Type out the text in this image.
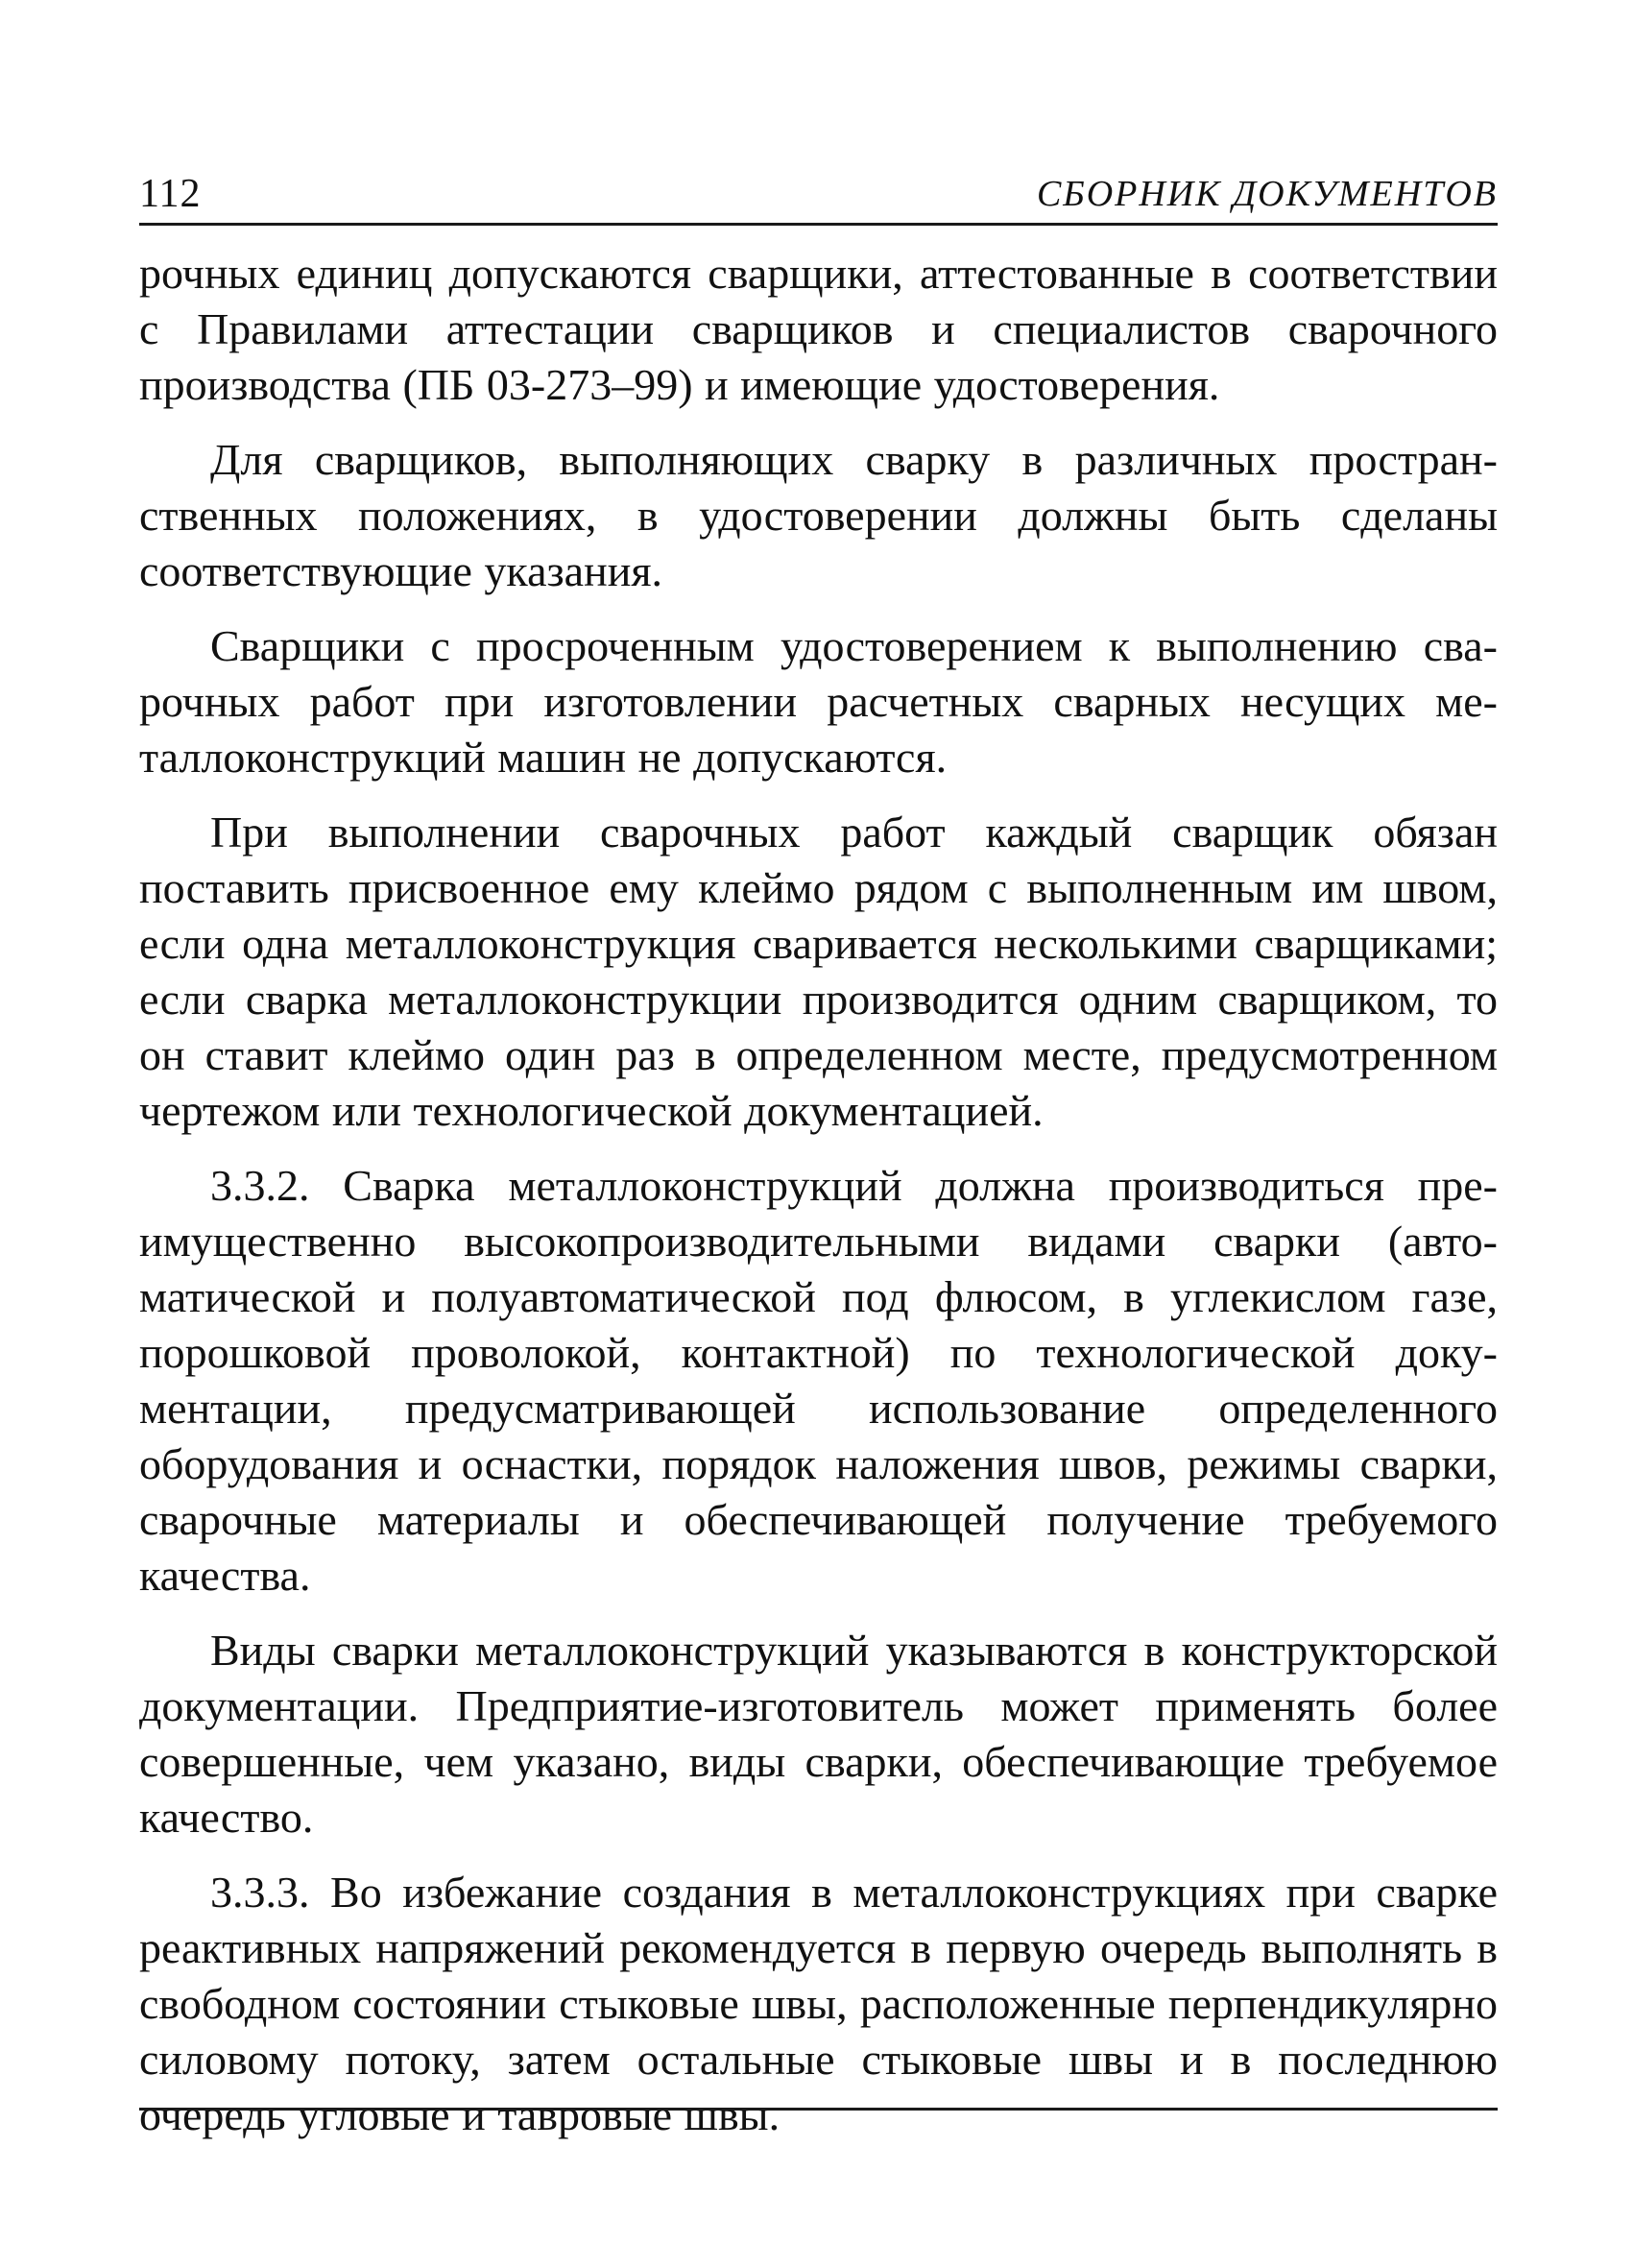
112	СБОРНИК ДОКУМЕНТОВ

рочных единиц допускаются сварщики, аттестованные в соответствии с Правилами аттестации сварщиков и специалистов сварочного производства (ПБ 03-273–99) и имеющие удостоверения.

Для сварщиков, выполняющих сварку в различных пространственных положениях, в удостоверении должны быть сделаны соответствующие указания.

Сварщики с просроченным удостоверением к выполнению сварочных работ при изготовлении расчетных сварных несущих металлоконструкций машин не допускаются.

При выполнении сварочных работ каждый сварщик обязан поставить присвоенное ему клеймо рядом с выполненным им швом, если одна металлоконструкция сваривается несколькими сварщиками; если сварка металлоконструкции производится одним сварщиком, то он ставит клеймо один раз в определенном месте, предусмотренном чертежом или технологической документацией.

3.3.2. Сварка металлоконструкций должна производиться преимущественно высокопроизводительными видами сварки (автоматической и полуавтоматической под флюсом, в углекислом газе, порошковой проволокой, контактной) по технологической документации, предусматривающей использование определенного оборудования и оснастки, порядок наложения швов, режимы сварки, сварочные материалы и обеспечивающей получение требуемого качества.

Виды сварки металлоконструкций указываются в конструкторской документации. Предприятие-изготовитель может применять более совершенные, чем указано, виды сварки, обеспечивающие требуемое качество.

3.3.3. Во избежание создания в металлоконструкциях при сварке реактивных напряжений рекомендуется в первую очередь выполнять в свободном состоянии стыковые швы, расположенные перпендикулярно силовому потоку, затем остальные стыковые швы и в последнюю очередь угловые и тавровые швы.
